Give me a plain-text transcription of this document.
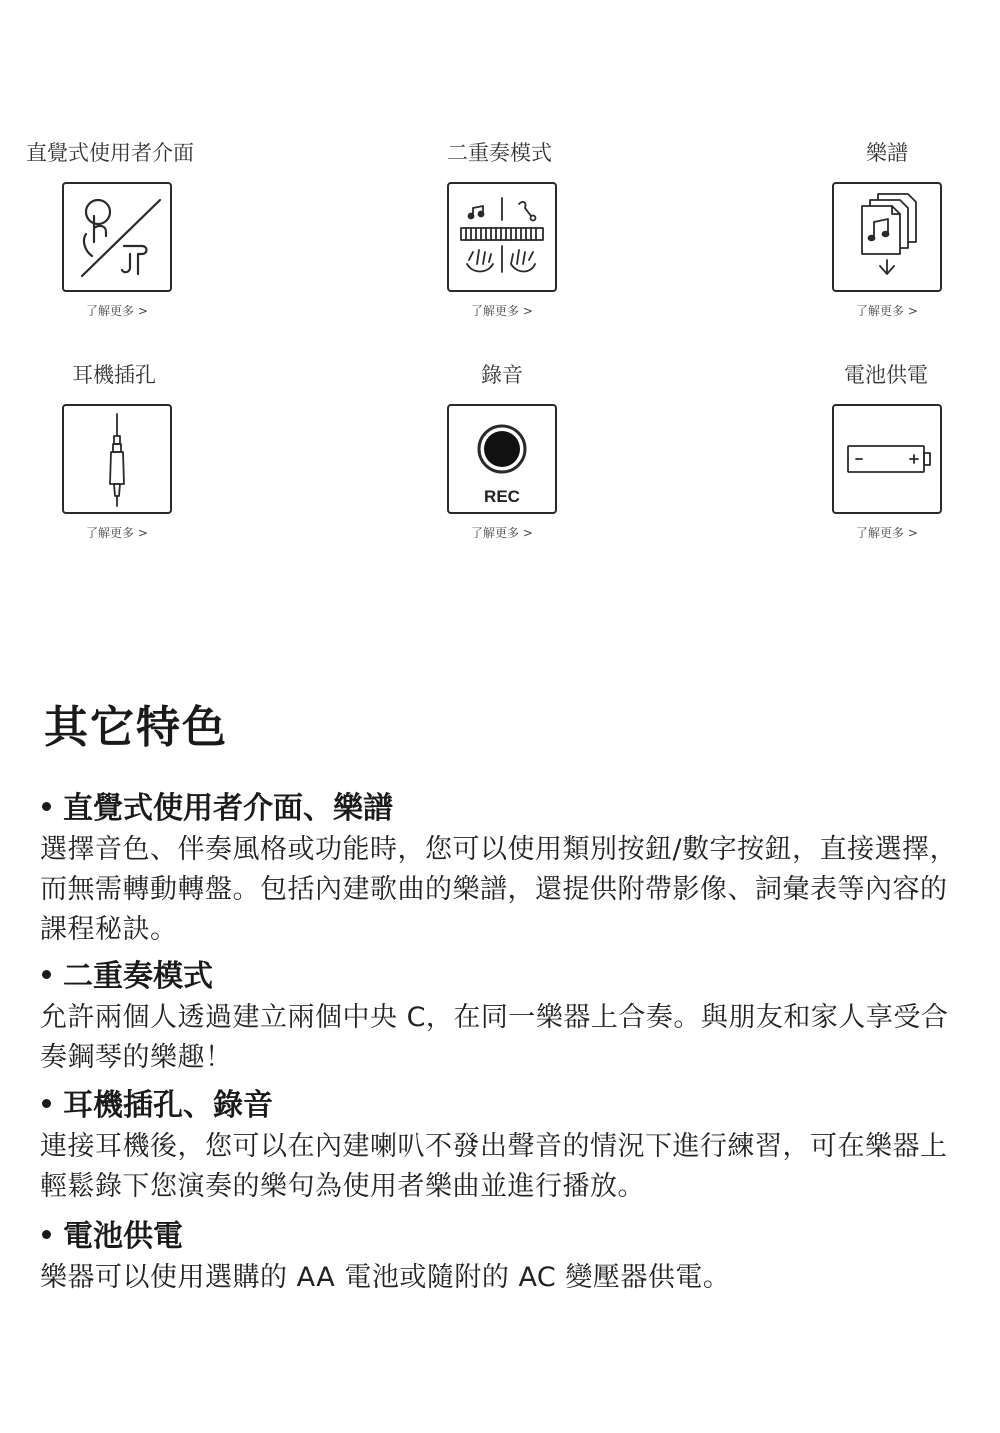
直覺式使用者介面
了解更多 >
二重奏模式
了解更多 >
樂譜
了解更多 >
耳機插孔
了解更多 >
錄音
REC
了解更多 >
電池供電
了解更多 >
其它特色
直覺式使用者介面、樂譜

選擇音色、伴奏風格或功能時，您可以使用類別按鈕/數字按鈕，直接選擇，而無需轉動轉盤。包括內建歌曲的樂譜，還提供附帶影像、詞彙表等內容的課程秘訣。

二重奏模式

允許兩個人透過建立兩個中央 C，在同一樂器上合奏。與朋友和家人享受合奏鋼琴的樂趣！

耳機插孔、錄音

連接耳機後，您可以在內建喇叭不發出聲音的情況下進行練習，可在樂器上輕鬆錄下您演奏的樂句為使用者樂曲並進行播放。

電池供電

樂器可以使用選購的 AA 電池或隨附的 AC 變壓器供電。
